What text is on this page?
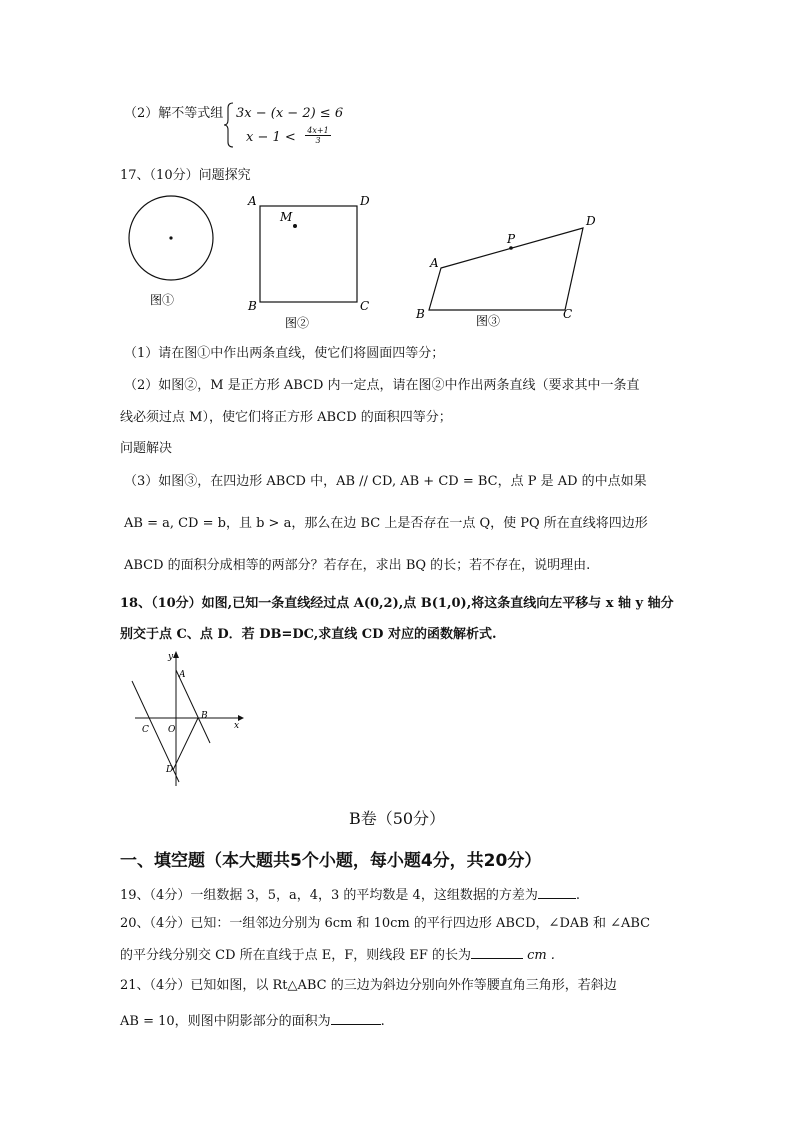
（2）解不等式组 3x − (x − 2) ≤ 6
$x - 1 < \frac{4x+1}{3}$
17、（10分）问题探究
图①
A	D
B	C
M
图②
A
P
D
B	C
图③
（1）请在图①中作出两条直线，使它们将圆面四等分；
（2）如图②，M 是正方形 ABCD 内一定点，请在图②中作出两条直线（要求其中一条直
线必须过点 M），使它们将正方形 ABCD 的面积四等分；
问题解决
（3）如图③，在四边形 ABCD 中，AB // CD, AB + CD = BC，点 P 是 AD 的中点如果
AB = a, CD = b，且 b > a，那么在边 BC 上是否存在一点 Q，使 PQ 所在直线将四边形
ABCD 的面积分成相等的两部分？若存在，求出 BQ 的长；若不存在，说明理由.
18、（10分）如图,已知一条直线经过点 A(0,2),点 B(1,0),将这条直线向左平移与 x 轴 y 轴分
别交于点 C、点 D．若 DB=DC,求直线 CD 对应的函数解析式.
y
x
A
B
C O
D
B卷（50分）
一、填空题（本大题共5个小题，每小题4分，共20分）
19、（4分）一组数据 3，5，a，4，3 的平均数是 4，这组数据的方差为	.
20、（4分）已知：一组邻边分别为 6cm 和 10cm 的平行四边形 ABCD，∠DAB 和 ∠ABC
的平分线分别交 CD 所在直线于点 E，F，则线段 EF 的长为	cm .
21、（4分）已知如图，以 Rt△ABC 的三边为斜边分别向外作等腰直角三角形，若斜边
AB = 10，则图中阴影部分的面积为	.
